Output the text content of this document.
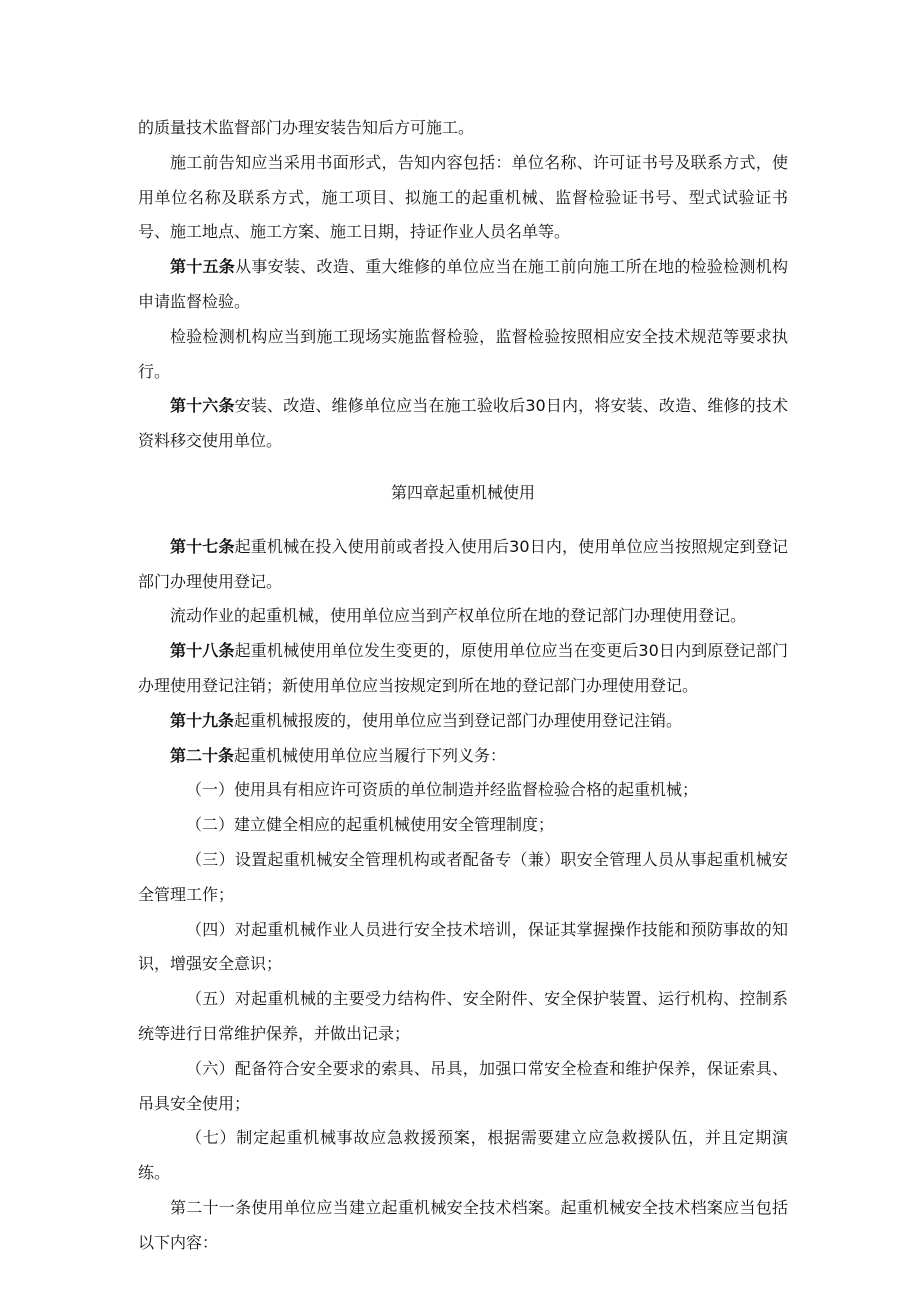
的质量技术监督部门办理安装告知后方可施工。

施工前告知应当采用书面形式，告知内容包括：单位名称、许可证书号及联系方式，使用单位名称及联系方式，施工项目、拟施工的起重机械、监督检验证书号、型式试验证书号、施工地点、施工方案、施工日期，持证作业人员名单等。

第十五条从事安装、改造、重大维修的单位应当在施工前向施工所在地的检验检测机构申请监督检验。

检验检测机构应当到施工现场实施监督检验，监督检验按照相应安全技术规范等要求执行。

第十六条安装、改造、维修单位应当在施工验收后30日内，将安装、改造、维修的技术资料移交使用单位。

第四章起重机械使用

第十七条起重机械在投入使用前或者投入使用后30日内，使用单位应当按照规定到登记部门办理使用登记。

流动作业的起重机械，使用单位应当到产权单位所在地的登记部门办理使用登记。

第十八条起重机械使用单位发生变更的，原使用单位应当在变更后30日内到原登记部门办理使用登记注销；新使用单位应当按规定到所在地的登记部门办理使用登记。

第十九条起重机械报废的，使用单位应当到登记部门办理使用登记注销。

第二十条起重机械使用单位应当履行下列义务：

（一）使用具有相应许可资质的单位制造并经监督检验合格的起重机械；

（二）建立健全相应的起重机械使用安全管理制度；

（三）设置起重机械安全管理机构或者配备专（兼）职安全管理人员从事起重机械安全管理工作；

（四）对起重机械作业人员进行安全技术培训，保证其掌握操作技能和预防事故的知识，增强安全意识；

（五）对起重机械的主要受力结构件、安全附件、安全保护装置、运行机构、控制系统等进行日常维护保养，并做出记录；

（六）配备符合安全要求的索具、吊具，加强口常安全检查和维护保养，保证索具、吊具安全使用；

（七）制定起重机械事故应急救援预案，根据需要建立应急救援队伍，并且定期演练。

第二十一条使用单位应当建立起重机械安全技术档案。起重机械安全技术档案应当包括以下内容：
